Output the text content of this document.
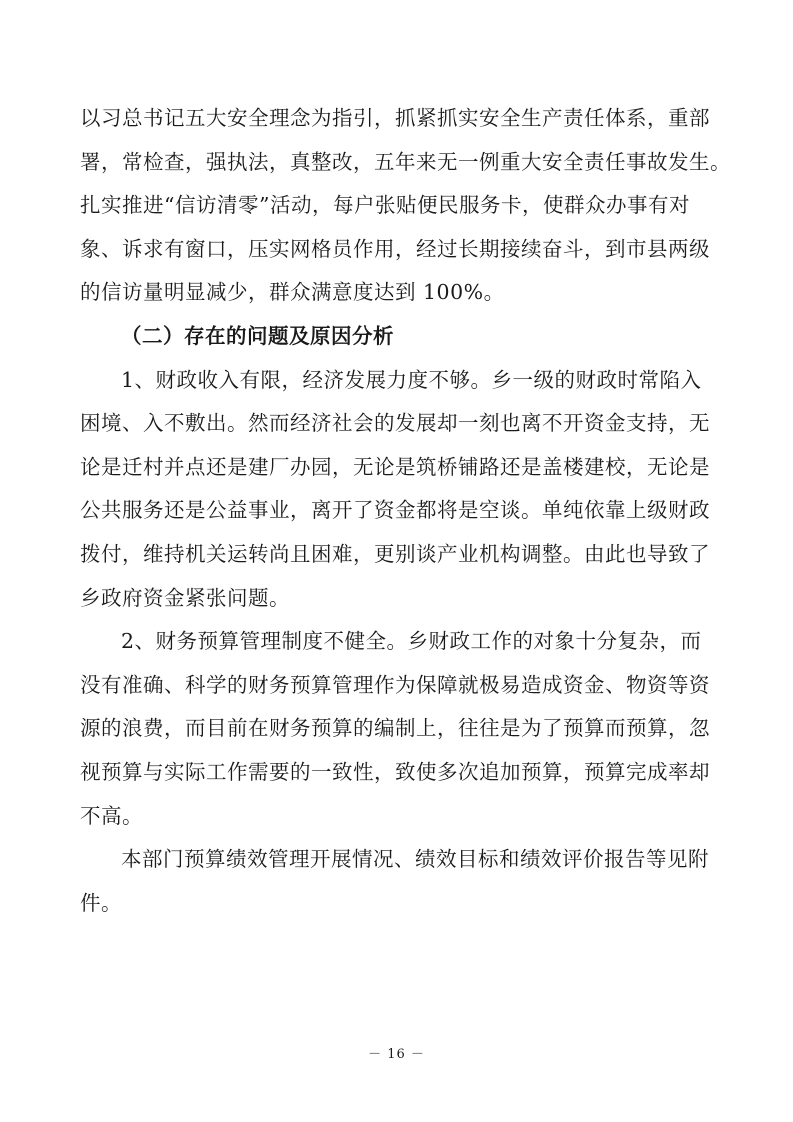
以习总书记五大安全理念为指引，抓紧抓实安全生产责任体系，重部
署，常检查，强执法，真整改，五年来无一例重大安全责任事故发生。
扎实推进“信访清零”活动，每户张贴便民服务卡，使群众办事有对
象、诉求有窗口，压实网格员作用，经过长期接续奋斗，到市县两级
的信访量明显减少，群众满意度达到 100%。
（二）存在的问题及原因分析
1、财政收入有限，经济发展力度不够。乡一级的财政时常陷入
困境、入不敷出。然而经济社会的发展却一刻也离不开资金支持，无
论是迁村并点还是建厂办园，无论是筑桥铺路还是盖楼建校，无论是
公共服务还是公益事业，离开了资金都将是空谈。单纯依靠上级财政
拨付，维持机关运转尚且困难，更别谈产业机构调整。由此也导致了
乡政府资金紧张问题。
2、财务预算管理制度不健全。乡财政工作的对象十分复杂，而
没有准确、科学的财务预算管理作为保障就极易造成资金、物资等资
源的浪费，而目前在财务预算的编制上，往往是为了预算而预算，忽
视预算与实际工作需要的一致性，致使多次追加预算，预算完成率却
不高。
本部门预算绩效管理开展情况、绩效目标和绩效评价报告等见附
件。
－ 16 －
